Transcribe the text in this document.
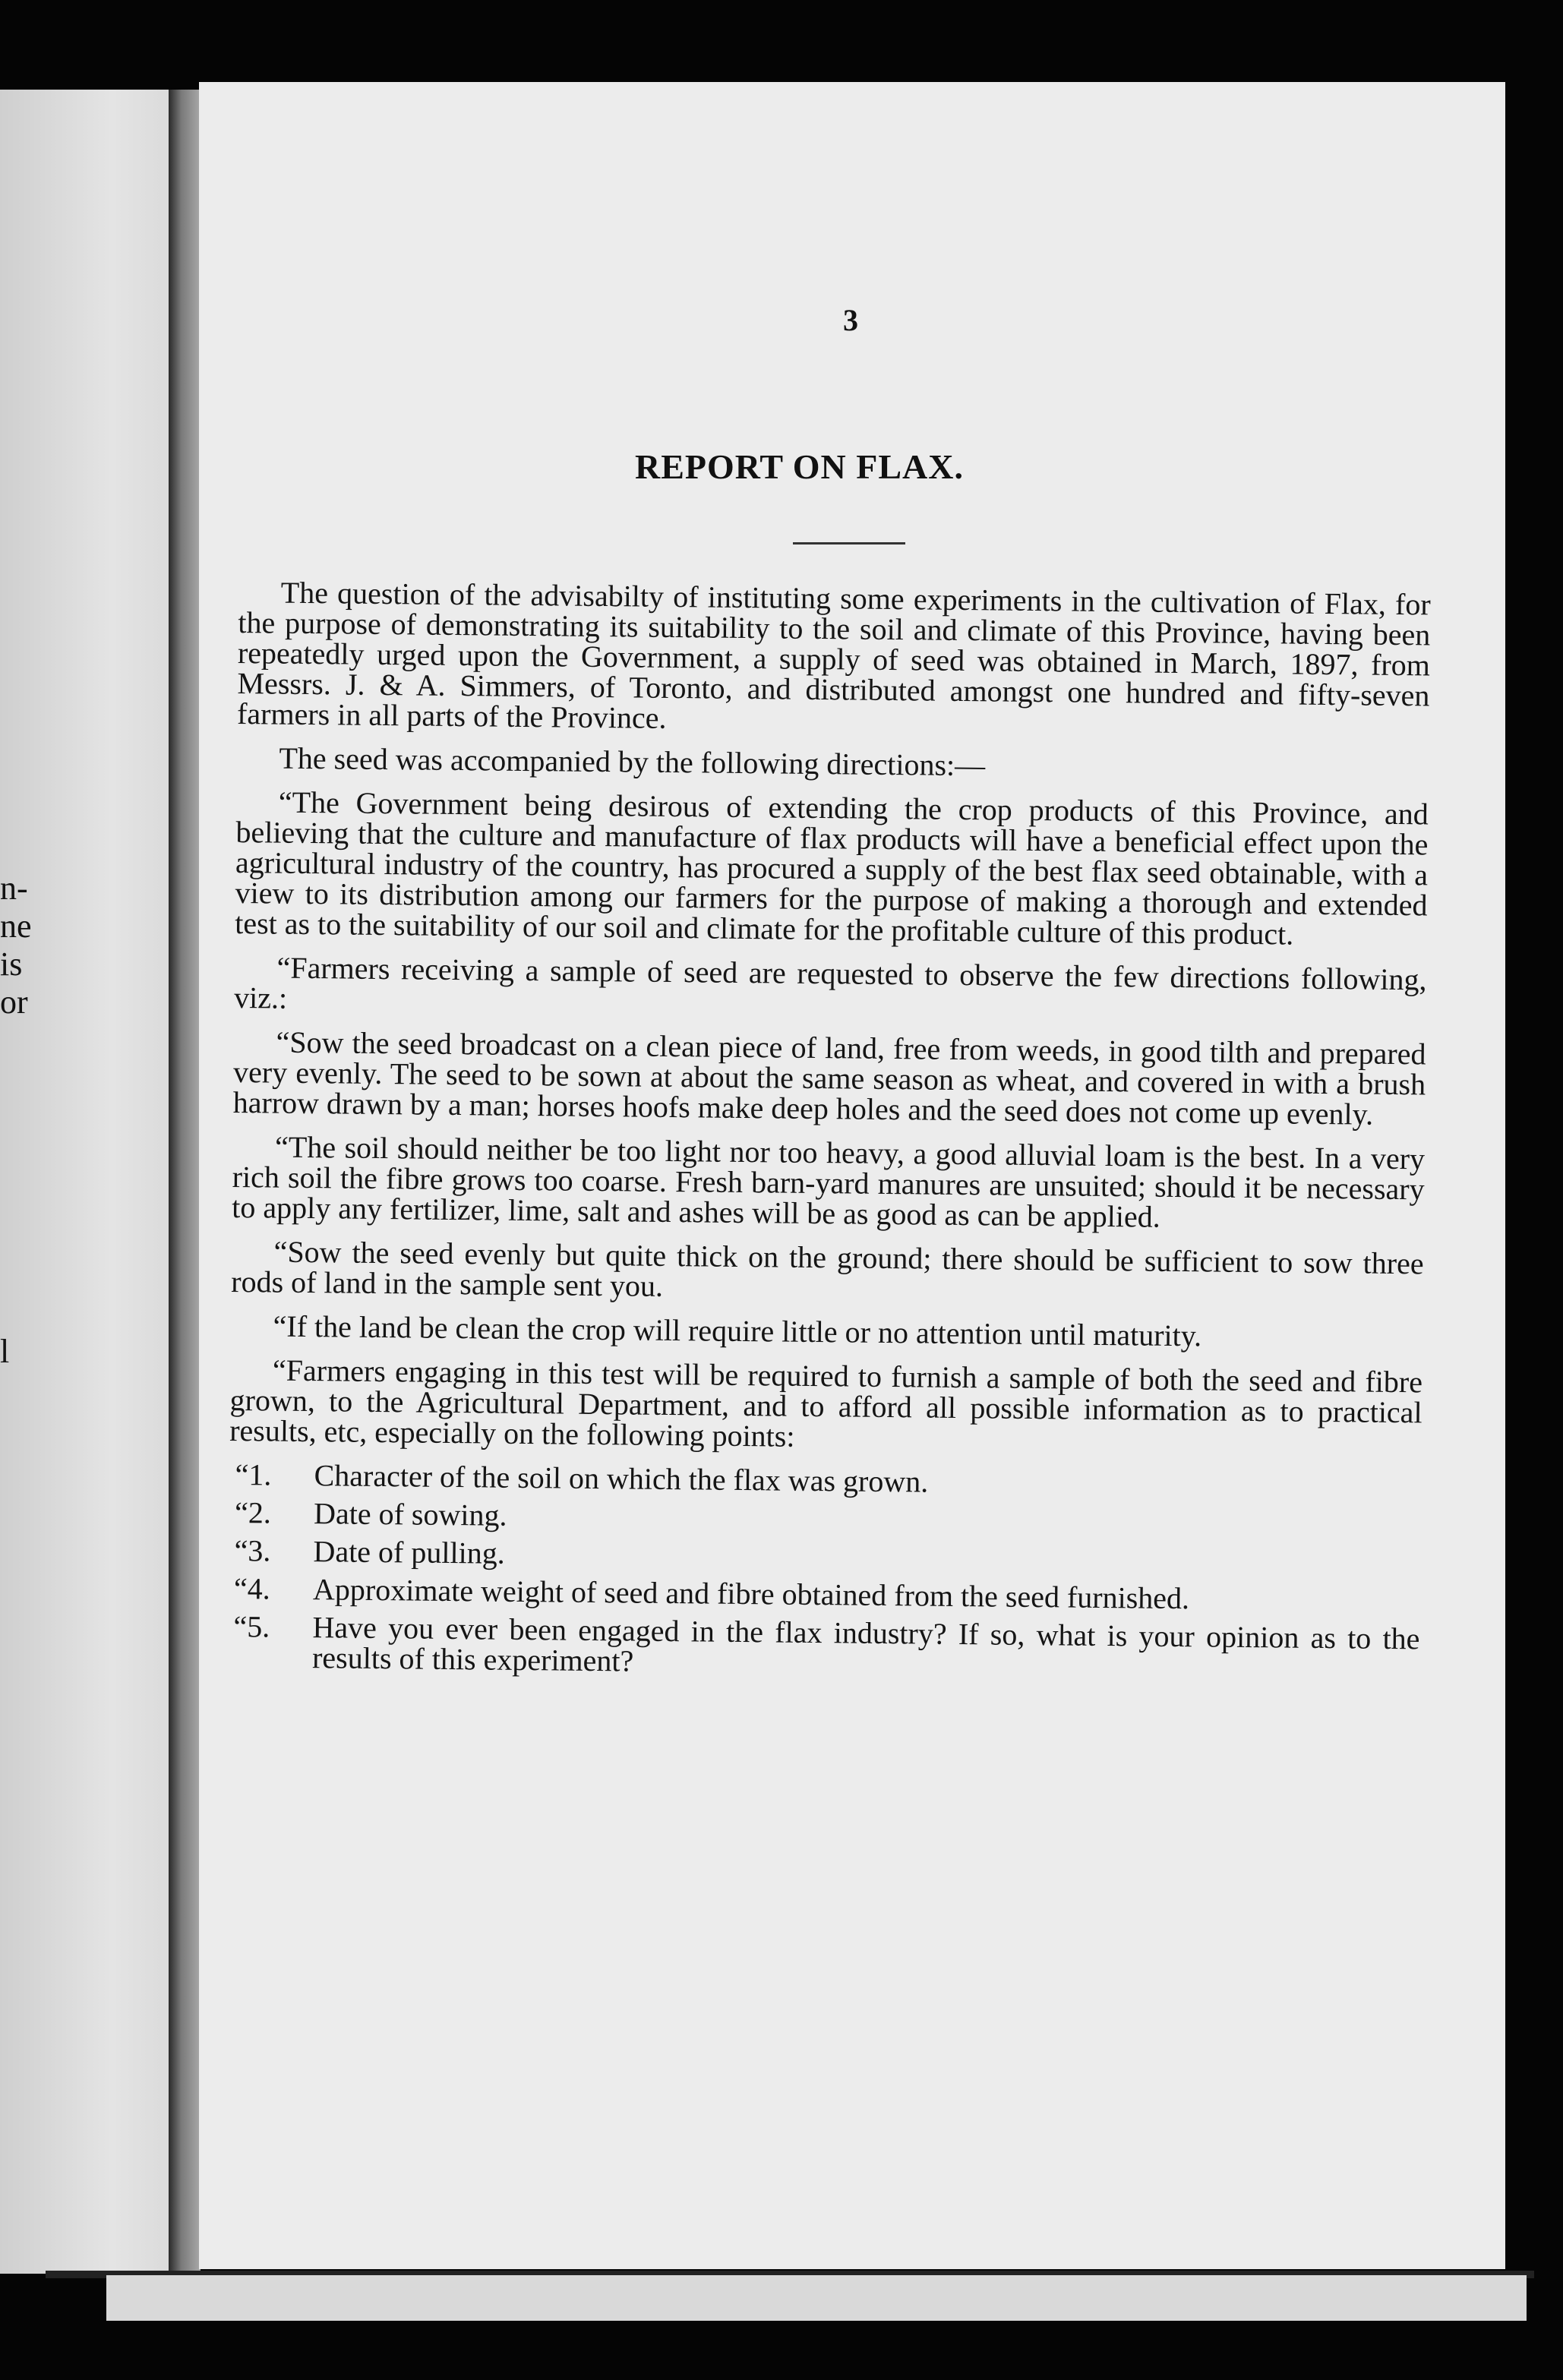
n-
ne
is
or
l
3
REPORT ON FLAX.

The question of the advisabilty of instituting some experiments in the cultivation of Flax, for the purpose of demonstrating its suitability to the soil and climate of this Province, having been repeatedly urged upon the Government, a supply of seed was obtained in March, 1897, from Messrs. J. & A. Simmers, of Toronto, and distributed amongst one hundred and fifty-seven farmers in all parts of the Province.

The seed was accompanied by the following directions:—

“The Government being desirous of extending the crop products of this Province, and believing that the culture and manufacture of flax products will have a beneficial effect upon the agricultural industry of the country, has procured a supply of the best flax seed obtainable, with a view to its distribution among our farmers for the purpose of making a thorough and extended test as to the suitability of our soil and climate for the profitable culture of this product.

“Farmers receiving a sample of seed are requested to observe the few directions following, viz.:

“Sow the seed broadcast on a clean piece of land, free from weeds, in good tilth and prepared very evenly. The seed to be sown at about the same season as wheat, and covered in with a brush harrow drawn by a man; horses hoofs make deep holes and the seed does not come up evenly.

“The soil should neither be too light nor too heavy, a good alluvial loam is the best. In a very rich soil the fibre grows too coarse. Fresh barn-yard manures are unsuited; should it be necessary to apply any fertilizer, lime, salt and ashes will be as good as can be applied.

“Sow the seed evenly but quite thick on the ground; there should be sufficient to sow three rods of land in the sample sent you.

“If the land be clean the crop will require little or no attention until maturity.

“Farmers engaging in this test will be required to furnish a sample of both the seed and fibre grown, to the Agricultural Department, and to afford all possible information as to practical results, etc, especially on the following points:

“1. Character of the soil on which the flax was grown.
“2. Date of sowing.
“3. Date of pulling.
“4. Approximate weight of seed and fibre obtained from the seed furnished.
“5. Have you ever been engaged in the flax industry? If so, what is your opinion as to the results of this experiment?
